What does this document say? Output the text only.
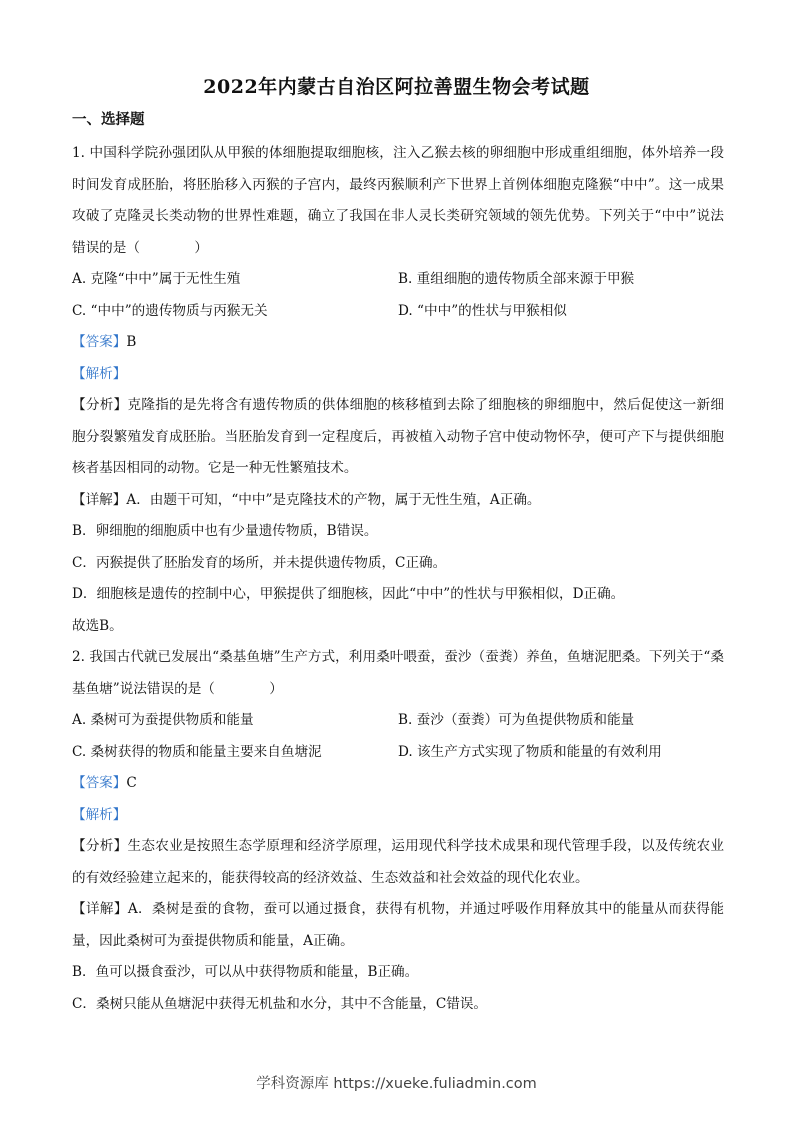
2022年内蒙古自治区阿拉善盟生物会考试题
一、选择题

1. 中国科学院孙强团队从甲猴的体细胞提取细胞核，注入乙猴去核的卵细胞中形成重组细胞，体外培养一段时间发育成胚胎，将胚胎移入丙猴的子宫内，最终丙猴顺利产下世界上首例体细胞克隆猴“中中”。这一成果攻破了克隆灵长类动物的世界性难题，确立了我国在非人灵长类研究领域的领先优势。下列关于“中中”说法错误的是（　　　　）

A. 克隆“中中”属于无性生殖	B. 重组细胞的遗传物质全部来源于甲猴
C. “中中”的遗传物质与丙猴无关	D. “中中”的性状与甲猴相似

【答案】B

【解析】

【分析】克隆指的是先将含有遗传物质的供体细胞的核移植到去除了细胞核的卵细胞中，然后促使这一新细胞分裂繁殖发育成胚胎。当胚胎发育到一定程度后，再被植入动物子宫中使动物怀孕，便可产下与提供细胞核者基因相同的动物。它是一种无性繁殖技术。

【详解】A．由题干可知，“中中”是克隆技术的产物，属于无性生殖，A正确。

B．卵细胞的细胞质中也有少量遗传物质，B错误。

C．丙猴提供了胚胎发育的场所，并未提供遗传物质，C正确。

D．细胞核是遗传的控制中心，甲猴提供了细胞核，因此“中中”的性状与甲猴相似，D正确。

故选B。

2. 我国古代就已发展出“桑基鱼塘”生产方式，利用桑叶喂蚕，蚕沙（蚕粪）养鱼，鱼塘泥肥桑。下列关于“桑基鱼塘”说法错误的是（　　　　）

A. 桑树可为蚕提供物质和能量	B. 蚕沙（蚕粪）可为鱼提供物质和能量
C. 桑树获得的物质和能量主要来自鱼塘泥	D. 该生产方式实现了物质和能量的有效利用

【答案】C

【解析】

【分析】生态农业是按照生态学原理和经济学原理，运用现代科学技术成果和现代管理手段，以及传统农业的有效经验建立起来的，能获得较高的经济效益、生态效益和社会效益的现代化农业。

【详解】A．桑树是蚕的食物，蚕可以通过摄食，获得有机物，并通过呼吸作用释放其中的能量从而获得能量，因此桑树可为蚕提供物质和能量，A正确。

B．鱼可以摄食蚕沙，可以从中获得物质和能量，B正确。

C．桑树只能从鱼塘泥中获得无机盐和水分，其中不含能量，C错误。

学科资源库 https://xueke.fuliadmin.com
